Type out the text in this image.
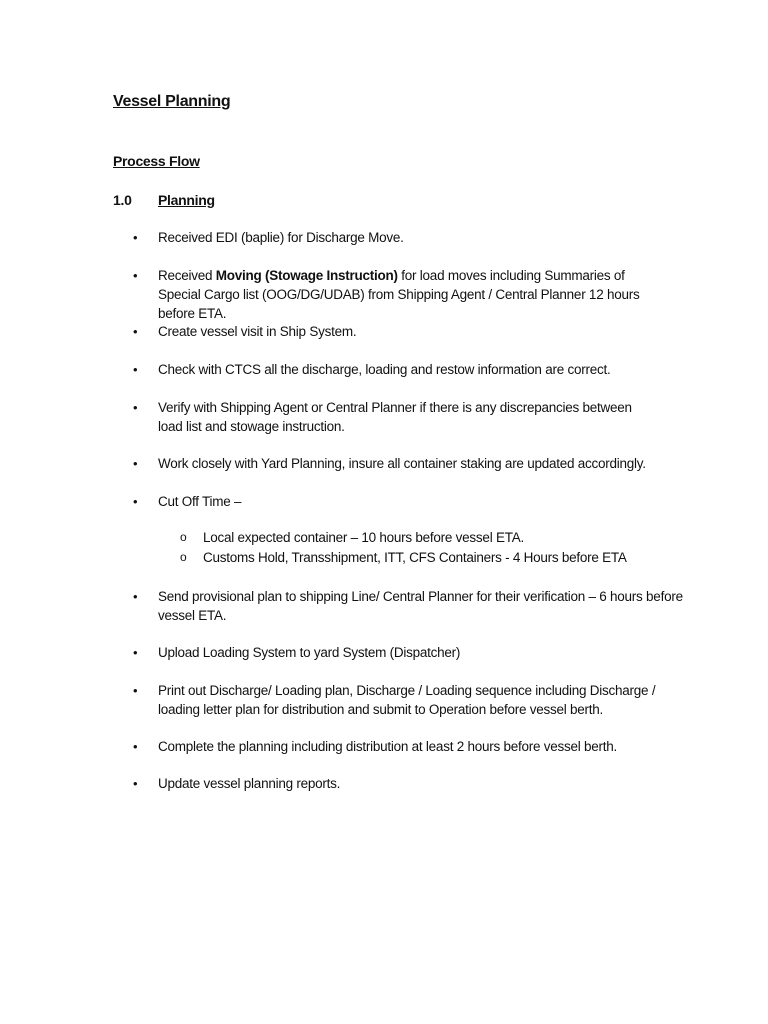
Vessel Planning
Process Flow
1.0 Planning
•	Received EDI (baplie) for Discharge Move.
•	Received Moving (Stowage Instruction) for load moves including Summaries of Special Cargo list (OOG/DG/UDAB) from Shipping Agent / Central Planner 12 hours before ETA.
•	Create vessel visit in Ship System.
•	Check with CTCS all the discharge, loading and restow information are correct.
•	Verify with Shipping Agent or Central Planner if there is any discrepancies between load list and stowage instruction.
•	Work closely with Yard Planning, insure all container staking are updated accordingly.
•	Cut Off Time –
o Local expected container – 10 hours before vessel ETA.
o Customs Hold, Transshipment, ITT, CFS Containers - 4 Hours before ETA
•	Send provisional plan to shipping Line/ Central Planner for their verification – 6 hours before vessel ETA.
•	Upload Loading System to yard System (Dispatcher)
•	Print out Discharge/ Loading plan, Discharge / Loading sequence including Discharge / loading letter plan for distribution and submit to Operation before vessel berth.
•	Complete the planning including distribution at least 2 hours before vessel berth.
•	Update vessel planning reports.
